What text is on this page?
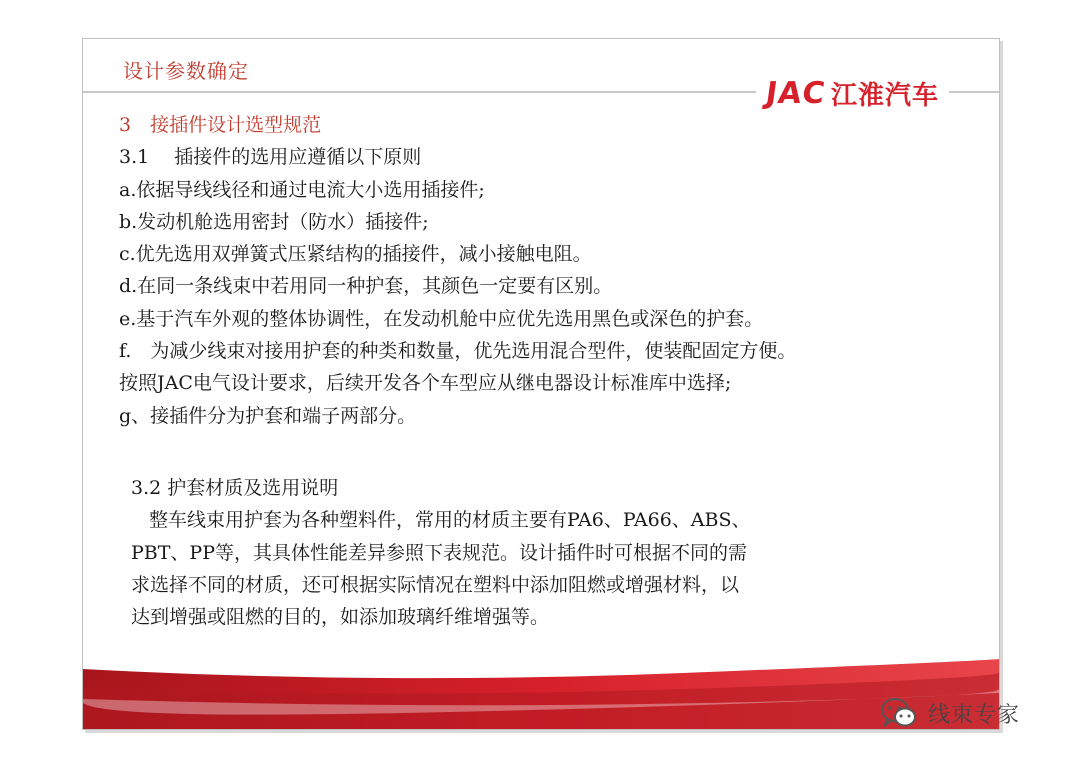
设计参数确定
JAC 江淮汽车
3　接插件设计选型规范
3.1　 插接件的选用应遵循以下原则
a.依据导线线径和通过电流大小选用插接件;
b.发动机舱选用密封（防水）插接件;
c.优先选用双弹簧式压紧结构的插接件，减小接触电阻。
d.在同一条线束中若用同一种护套，其颜色一定要有区别。
e.基于汽车外观的整体协调性，在发动机舱中应优先选用黑色或深色的护套。
f.　为减少线束对接用护套的种类和数量，优先选用混合型件，使装配固定方便。
按照JAC电气设计要求，后续开发各个车型应从继电器设计标准库中选择;
g、接插件分为护套和端子两部分。
3.2 护套材质及选用说明
整车线束用护套为各种塑料件，常用的材质主要有PA6、PA66、ABS、
PBT、PP等，其具体性能差异参照下表规范。设计插件时可根据不同的需
求选择不同的材质，还可根据实际情况在塑料中添加阻燃或增强材料，以
达到增强或阻燃的目的，如添加玻璃纤维增强等。
线束专家
